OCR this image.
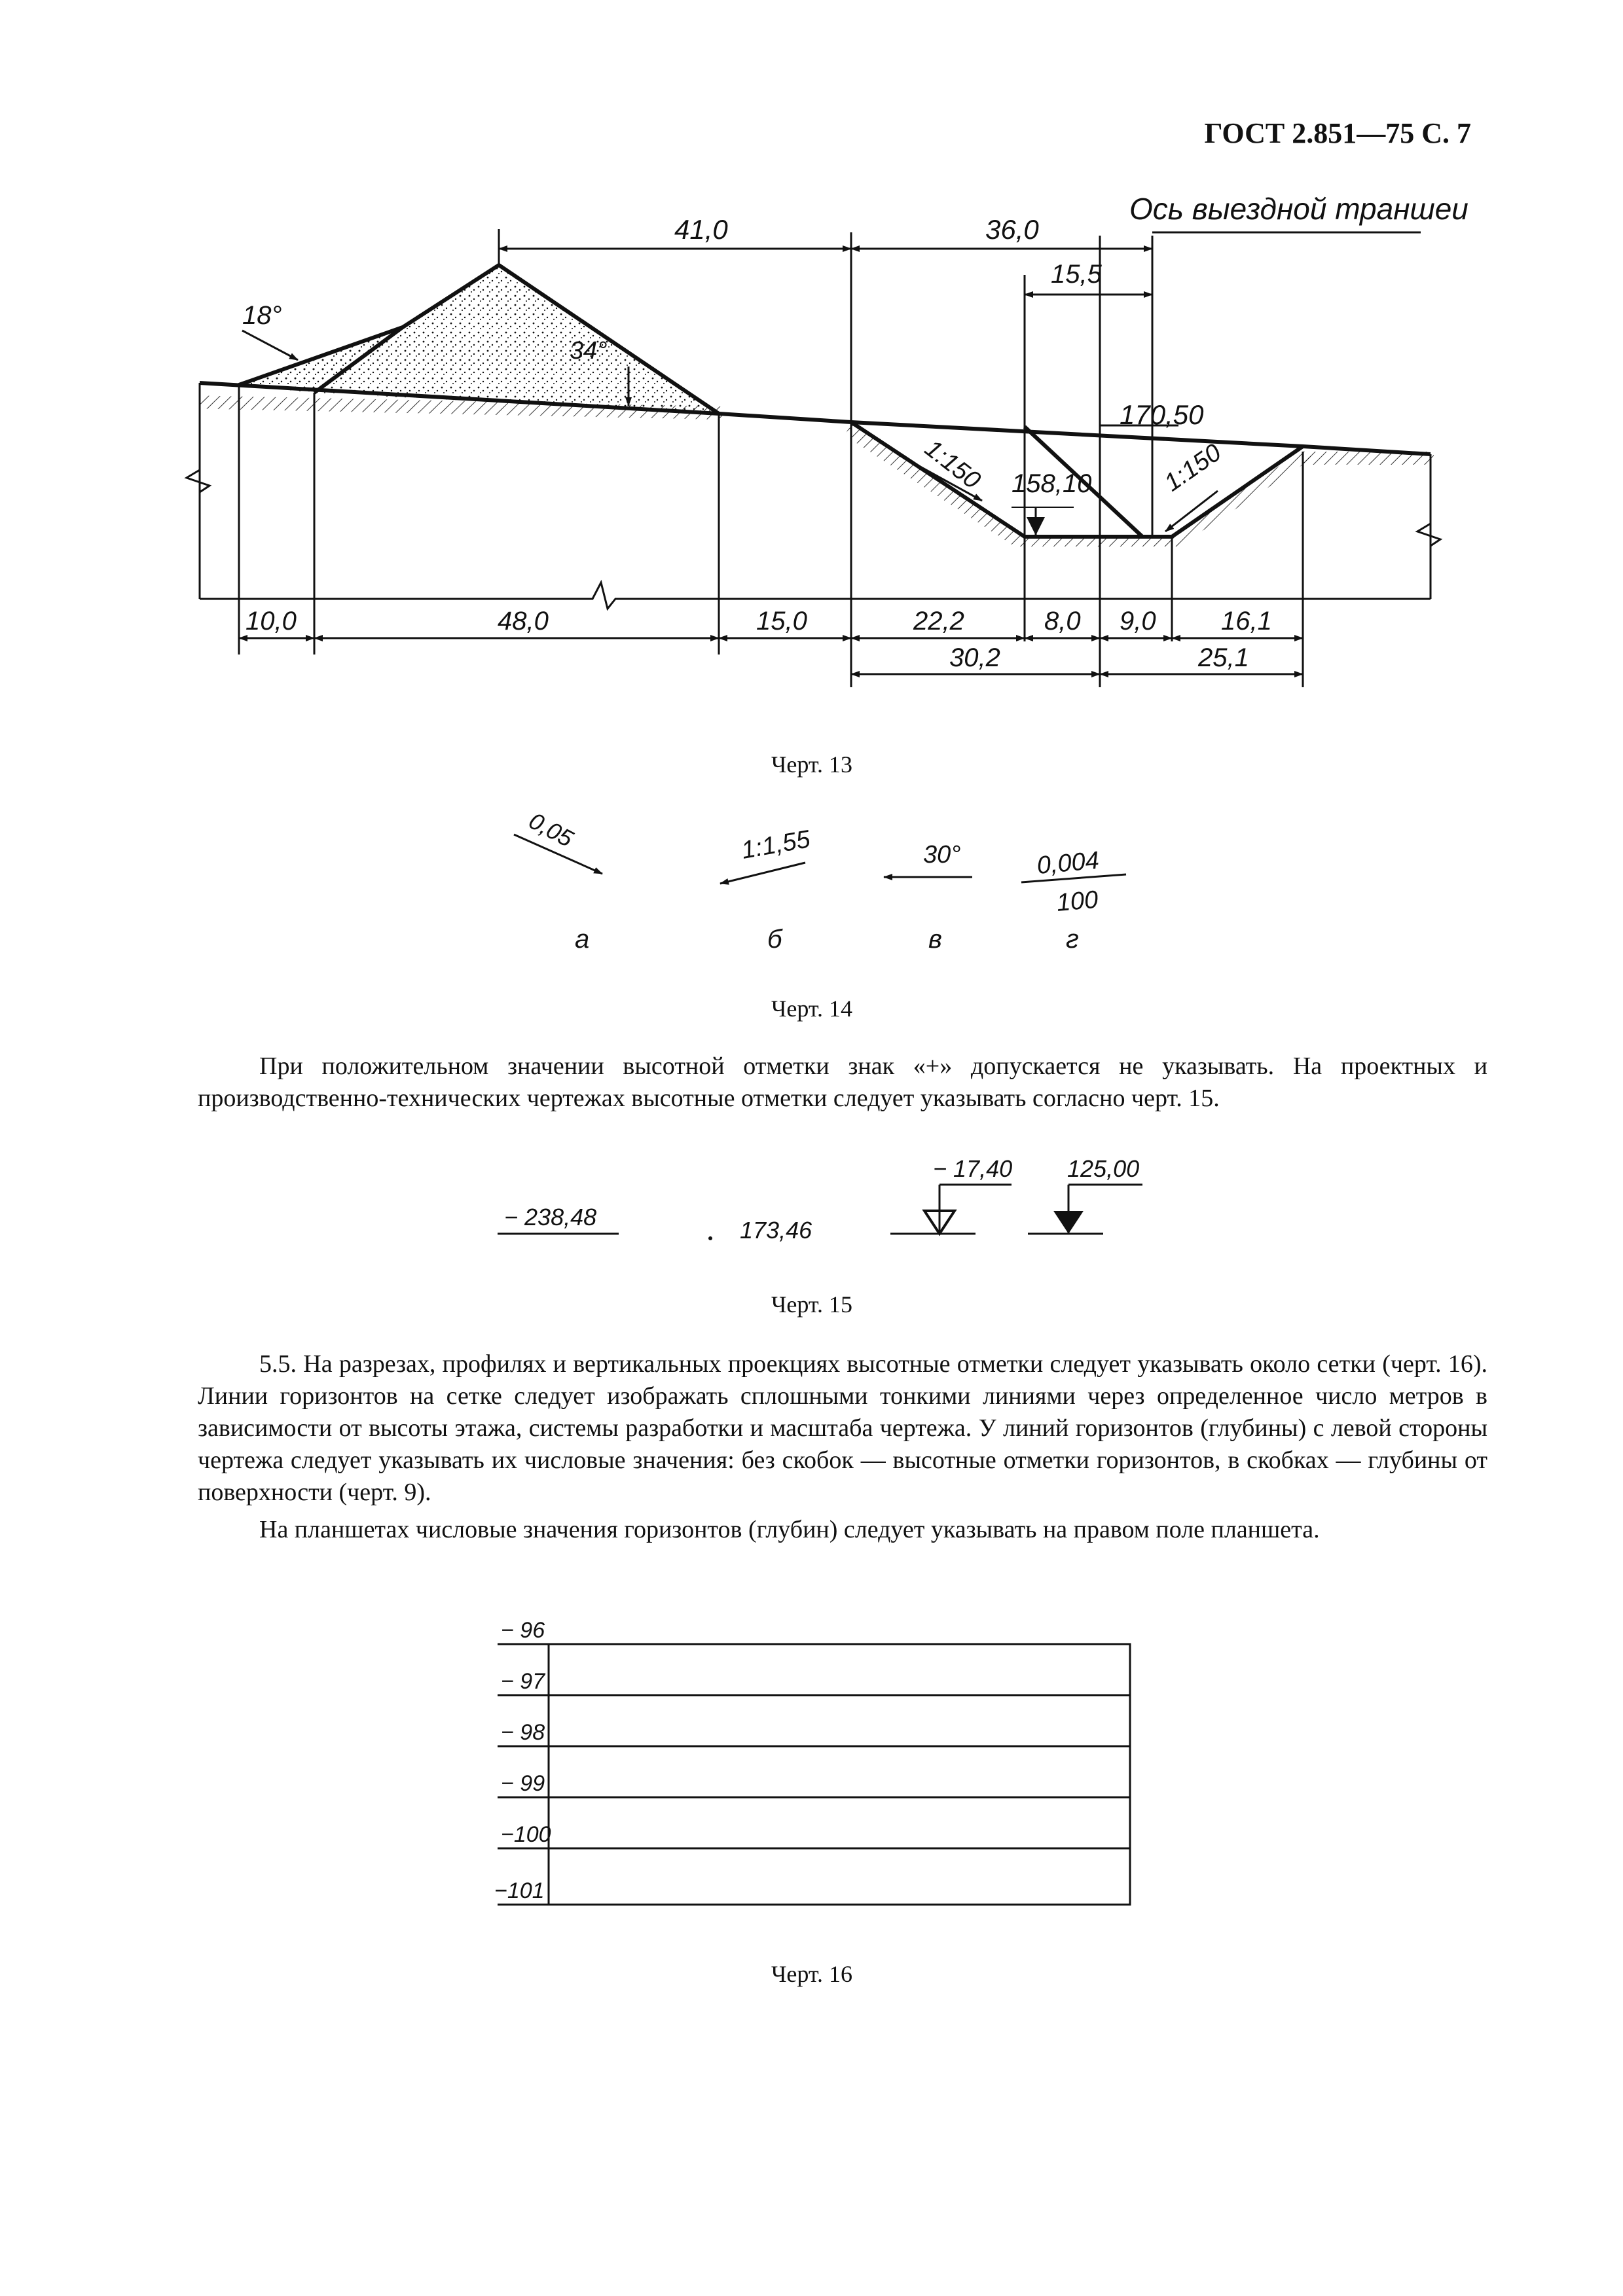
ГОСТ 2.851—75 С. 7
41,0	36,0
15,5
Ось выездной траншеи
18°
34°
170,50
158,10
1:150	1:150
10,0	48,0	15,0	22,2	8,0 9,0 16,1
30,2	25,1
Черт. 13
0,05	1:1,55	30°	0,004
100
а	б	в	г
Черт. 14

При положительном значении высотной отметки знак «+» допускается не указывать. На проектных и производственно-технических чертежах высотные отметки следует указывать согласно черт. 15.

− 238,48	173,46
− 17,40 125,00
Черт. 15

5.5. На разрезах, профилях и вертикальных проекциях высотные отметки следует указывать около сетки (черт. 16). Линии горизонтов на сетке следует изображать сплошными тонкими линиями через определенное число метров в зависимости от высоты этажа, системы разработки и масштаба чертежа. У линий горизонтов (глубины) с левой стороны чертежа следует указывать их числовые значения: без скобок — высотные отметки горизонтов, в скобках — глубины от поверхности (черт. 9).

На планшетах числовые значения горизонтов (глубин) следует указывать на правом поле планшета.

− 96
− 97
− 98
− 99
−100
−101
Черт. 16
